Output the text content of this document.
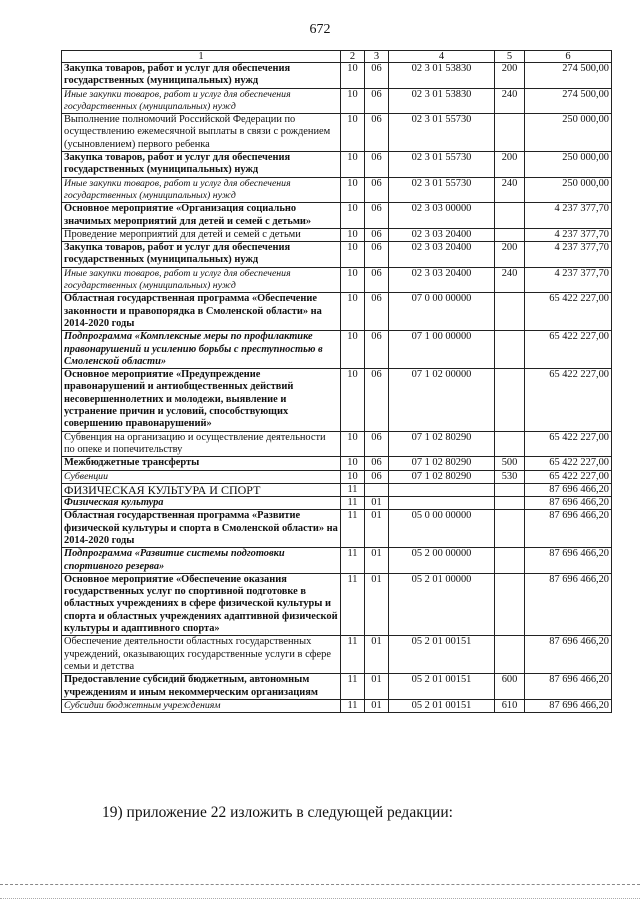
672
1	2	3	4	5	6
Закупка товаров, работ и услуг для обеспечения государственных (муниципальных) нужд	10	06	02 3 01 53830	200	274 500,00
Иные закупки товаров, работ и услуг для обеспечения государственных (муниципальных) нужд	10	06	02 3 01 53830	240	274 500,00
Выполнение полномочий Российской Федерации по осуществлению ежемесячной выплаты в связи с рождением (усыновлением) первого ребенка	10	06	02 3 01 55730		250 000,00
Закупка товаров, работ и услуг для обеспечения государственных (муниципальных) нужд	10	06	02 3 01 55730	200	250 000,00
Иные закупки товаров, работ и услуг для обеспечения государственных (муниципальных) нужд	10	06	02 3 01 55730	240	250 000,00
Основное мероприятие «Организация социально значимых мероприятий для детей и семей с детьми»	10	06	02 3 03 00000		4 237 377,70
Проведение мероприятий для детей и семей с детьми	10	06	02 3 03 20400		4 237 377,70
Закупка товаров, работ и услуг для обеспечения государственных (муниципальных) нужд	10	06	02 3 03 20400	200	4 237 377,70
Иные закупки товаров, работ и услуг для обеспечения государственных (муниципальных) нужд	10	06	02 3 03 20400	240	4 237 377,70
Областная государственная программа «Обеспечение законности и правопорядка в Смоленской области» на 2014-2020 годы	10	06	07 0 00 00000		65 422 227,00
Подпрограмма «Комплексные меры по профилактике правонарушений и усилению борьбы с преступностью в Смоленской области»	10	06	07 1 00 00000		65 422 227,00
Основное мероприятие «Предупреждение правонарушений и антиобщественных действий несовершеннолетних и молодежи, выявление и устранение причин и условий, способствующих совершению правонарушений»	10	06	07 1 02 00000		65 422 227,00
Субвенция на организацию и осуществление деятельности по опеке и попечительству	10	06	07 1 02 80290		65 422 227,00
Межбюджетные трансферты	10	06	07 1 02 80290	500	65 422 227,00
Субвенции	10	06	07 1 02 80290	530	65 422 227,00
ФИЗИЧЕСКАЯ КУЛЬТУРА И СПОРТ	11				87 696 466,20
Физическая культура	11	01			87 696 466,20
Областная государственная программа «Развитие физической культуры и спорта в Смоленской области» на 2014-2020 годы	11	01	05 0 00 00000		87 696 466,20
Подпрограмма «Развитие системы подготовки спортивного резерва»	11	01	05 2 00 00000		87 696 466,20
Основное мероприятие «Обеспечение оказания государственных услуг по спортивной подготовке в областных учреждениях в сфере физической культуры и спорта и областных учреждениях адаптивной физической культуры и адаптивного спорта»	11	01	05 2 01 00000		87 696 466,20
Обеспечение деятельности областных государственных учреждений, оказывающих государственные услуги в сфере семьи и детства	11	01	05 2 01 00151		87 696 466,20
Предоставление субсидий бюджетным, автономным учреждениям и иным некоммерческим организациям	11	01	05 2 01 00151	600	87 696 466,20
Субсидии бюджетным учреждениям	11	01	05 2 01 00151	610	87 696 466,20
19) приложение 22 изложить в следующей редакции:
